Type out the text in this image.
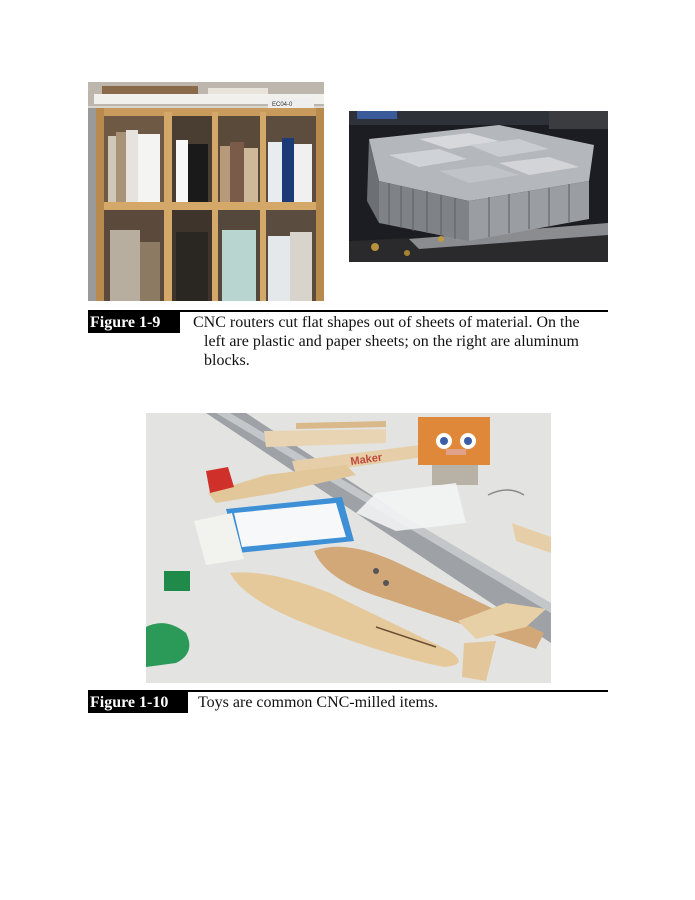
EC04-0
Figure 1-9	CNC routers cut flat shapes out of sheets of material. On the
left are plastic and paper sheets; on the right are aluminum
blocks.
Maker
Figure 1-10	Toys are common CNC-milled items.
